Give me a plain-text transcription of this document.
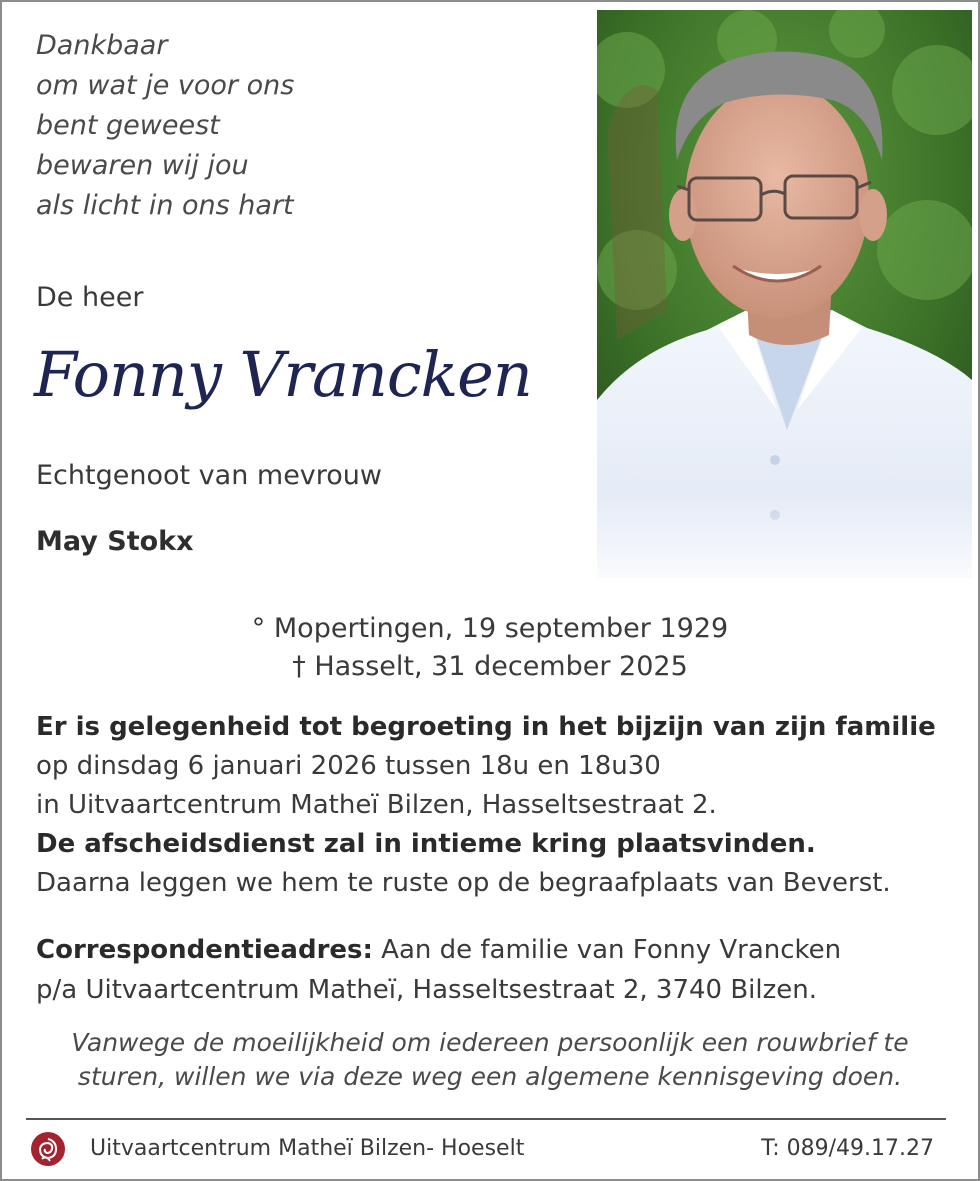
Dankbaar
om wat je voor ons
bent geweest
bewaren wij jou
als licht in ons hart
De heer
Fonny Vrancken
Echtgenoot van mevrouw
May Stokx
° Mopertingen, 19 september 1929
† Hasselt, 31 december 2025
Er is gelegenheid tot begroeting in het bijzijn van zijn familie
op dinsdag 6 januari 2026 tussen 18u en 18u30
in Uitvaartcentrum Matheï Bilzen, Hasseltsestraat 2.
De afscheidsdienst zal in intieme kring plaatsvinden.
Daarna leggen we hem te ruste op de begraafplaats van Beverst.
Correspondentieadres: Aan de familie van Fonny Vrancken
p/a Uitvaartcentrum Matheï, Hasseltsestraat 2, 3740 Bilzen.
Vanwege de moeilijkheid om iedereen persoonlijk een rouwbrief te
sturen, willen we via deze weg een algemene kennisgeving doen.
Uitvaartcentrum Matheï Bilzen- Hoeselt	T: 089/49.17.27
